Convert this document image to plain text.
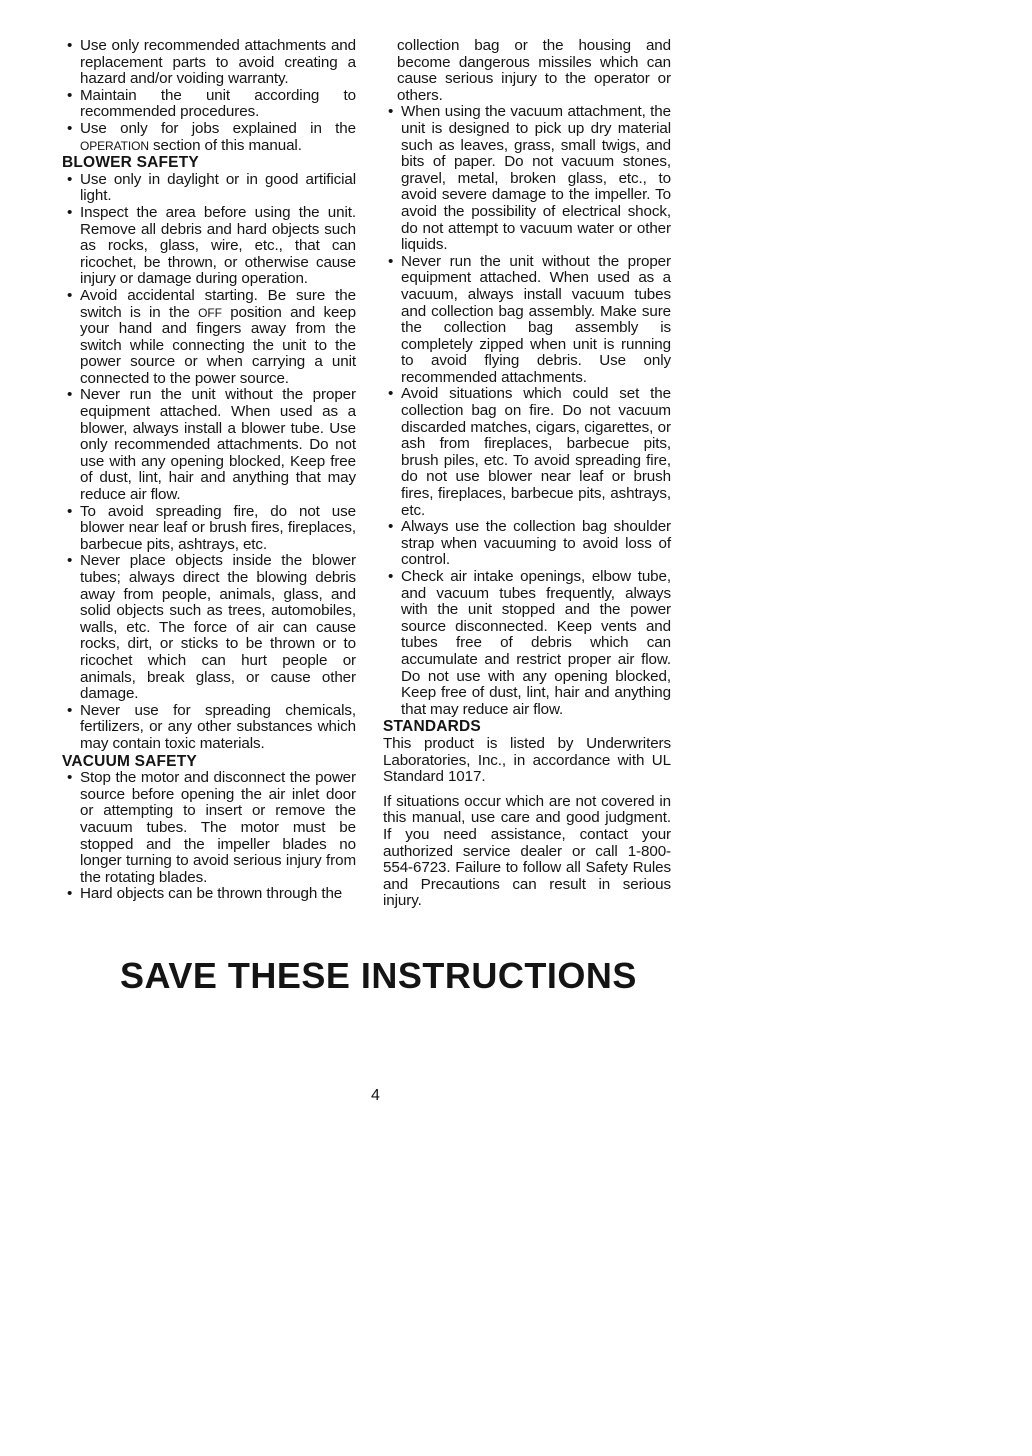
• Use only recommended attachments and replacement parts to avoid creating a hazard and/or voiding warranty.
• Maintain the unit according to recommended procedures.
• Use only for jobs explained in the OPERATION section of this manual.
BLOWER SAFETY
• Use only in daylight or in good artificial light.
• Inspect the area before using the unit. Remove all debris and hard objects such as rocks, glass, wire, etc., that can ricochet, be thrown, or otherwise cause injury or damage during operation.
• Avoid accidental starting. Be sure the switch is in the OFF position and keep your hand and fingers away from the switch while connecting the unit to the power source or when carrying a unit connected to the power source.
• Never run the unit without the proper equipment attached. When used as a blower, always install a blower tube. Use only recommended attachments. Do not use with any opening blocked, Keep free of dust, lint, hair and anything that may reduce air flow.
• To avoid spreading fire, do not use blower near leaf or brush fires, fireplaces, barbecue pits, ashtrays, etc.
• Never place objects inside the blower tubes; always direct the blowing debris away from people, animals, glass, and solid objects such as trees, automobiles, walls, etc. The force of air can cause rocks, dirt, or sticks to be thrown or to ricochet which can hurt people or animals, break glass, or cause other damage.
• Never use for spreading chemicals, fertilizers, or any other substances which may contain toxic materials.
VACUUM SAFETY
• Stop the motor and disconnect the power source before opening the air inlet door or attempting to insert or remove the vacuum tubes. The motor must be stopped and the impeller blades no longer turning to avoid serious injury from the rotating blades.
• Hard objects can be thrown through the

collection bag or the housing and become dangerous missiles which can cause serious injury to the operator or others.

• When using the vacuum attachment, the unit is designed to pick up dry material such as leaves, grass, small twigs, and bits of paper. Do not vacuum stones, gravel, metal, broken glass, etc., to avoid severe damage to the impeller. To avoid the possibility of electrical shock, do not attempt to vacuum water or other liquids.
• Never run the unit without the proper equipment attached. When used as a vacuum, always install vacuum tubes and collection bag assembly. Make sure the collection bag assembly is completely zipped when unit is running to avoid flying debris. Use only recommended attachments.
• Avoid situations which could set the collection bag on fire. Do not vacuum discarded matches, cigars, cigarettes, or ash from fireplaces, barbecue pits, brush piles, etc. To avoid spreading fire, do not use blower near leaf or brush fires, fireplaces, barbecue pits, ashtrays, etc.
• Always use the collection bag shoulder strap when vacuuming to avoid loss of control.
• Check air intake openings, elbow tube, and vacuum tubes frequently, always with the unit stopped and the power source disconnected. Keep vents and tubes free of debris which can accumulate and restrict proper air flow. Do not use with any opening blocked, Keep free of dust, lint, hair and anything that may reduce air flow.
STANDARDS

This product is listed by Underwriters Laboratories, Inc., in accordance with UL Standard 1017.

If situations occur which are not covered in this manual, use care and good judgment. If you need assistance, contact your authorized service dealer or call 1-800-554-6723. Failure to follow all Safety Rules and Precautions can result in serious injury.

SAVE THESE INSTRUCTIONS
4
